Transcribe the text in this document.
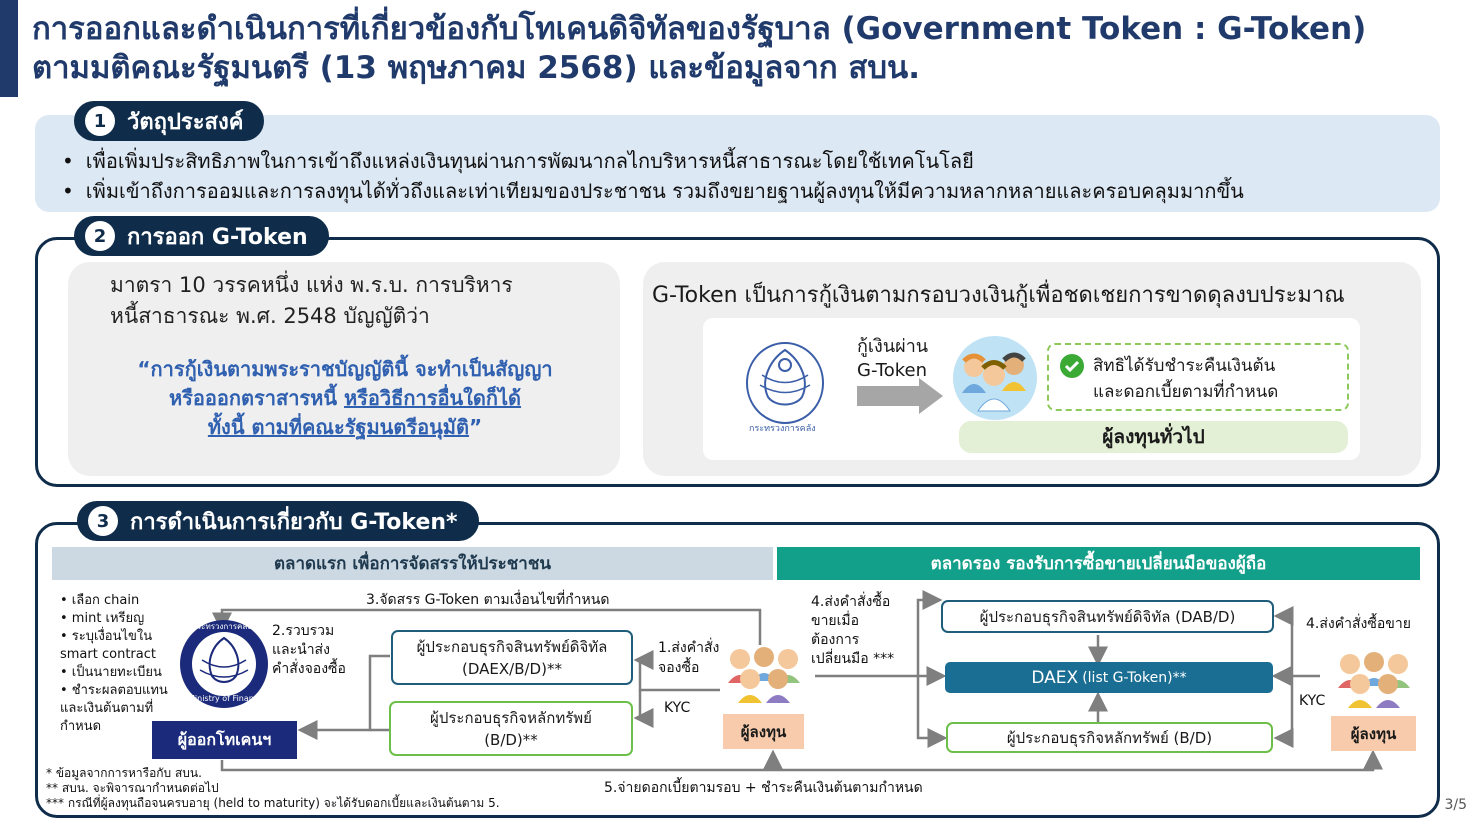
การออกและดำเนินการที่เกี่ยวข้องกับโทเคนดิจิทัลของรัฐบาล (Government Token : G-Token)
ตามมติคณะรัฐมนตรี (13 พฤษภาคม 2568) และข้อมูลจาก สบน.
1 วัตถุประสงค์
• เพื่อเพิ่มประสิทธิภาพในการเข้าถึงแหล่งเงินทุนผ่านการพัฒนากลไกบริหารหนี้สาธารณะโดยใช้เทคโนโลยี
• เพิ่มเข้าถึงการออมและการลงทุนได้ทั่วถึงและเท่าเทียมของประชาชน รวมถึงขยายฐานผู้ลงทุนให้มีความหลากหลายและครอบคลุมมากขึ้น
2 การออก G-Token
มาตรา 10 วรรคหนึ่ง แห่ง พ.ร.บ. การบริหาร
หนี้สาธารณะ พ.ศ. 2548 บัญญัติว่า
“การกู้เงินตามพระราชบัญญัตินี้ จะทำเป็นสัญญา
หรือออกตราสารหนี้ หรือวิธีการอื่นใดก็ได้
ทั้งนี้ ตามที่คณะรัฐมนตรีอนุมัติ”
G-Token เป็นการกู้เงินตามกรอบวงเงินกู้เพื่อชดเชยการขาดดุลงบประมาณ
กระทรวงการคลัง
กู้เงินผ่าน
G-Token	สิทธิได้รับชำระคืนเงินต้น
และดอกเบี้ยตามที่กำหนด
ผู้ลงทุนทั่วไป
3 การดำเนินการเกี่ยวกับ G-Token*
ตลาดแรก เพื่อการจัดสรรให้ประชาชน	ตลาดรอง รองรับการซื้อขายเปลี่ยนมือของผู้ถือ
• เลือก chain
• mint เหรียญ
• ระบุเงื่อนไขใน
smart contract
• เป็นนายทะเบียน
• ชำระผลตอบแทน
และเงินต้นตามที่
กำหนด
กระทรวงการคลัง
Ministry of Finance
ผู้ออกโทเคนฯ
3.จัดสรร G-Token ตามเงื่อนไขที่กำหนด
2.รวบรวม
และนำส่ง
คำสั่งจองซื้อ
ผู้ประกอบธุรกิจสินทรัพย์ดิจิทัล
(DAEX/B/D)**
ผู้ประกอบธุรกิจหลักทรัพย์
(B/D)**
1.ส่งคำสั่ง
จองซื้อ
KYC
ผู้ลงทุน
4.ส่งคำสั่งซื้อ
ขายเมื่อ
ต้องการ
เปลี่ยนมือ ***
ผู้ประกอบธุรกิจสินทรัพย์ดิจิทัล (DAB/D)
DAEX (list G-Token)**
ผู้ประกอบธุรกิจหลักทรัพย์ (B/D)
4.ส่งคำสั่งซื้อขาย
KYC
ผู้ลงทุน
5.จ่ายดอกเบี้ยตามรอบ + ชำระคืนเงินต้นตามกำหนด
* ข้อมูลจากการหารือกับ สบน.
** สบน. จะพิจารณากำหนดต่อไป
*** กรณีที่ผู้ลงทุนถือจนครบอายุ (held to maturity) จะได้รับดอกเบี้ยและเงินต้นตาม 5.	3/5
